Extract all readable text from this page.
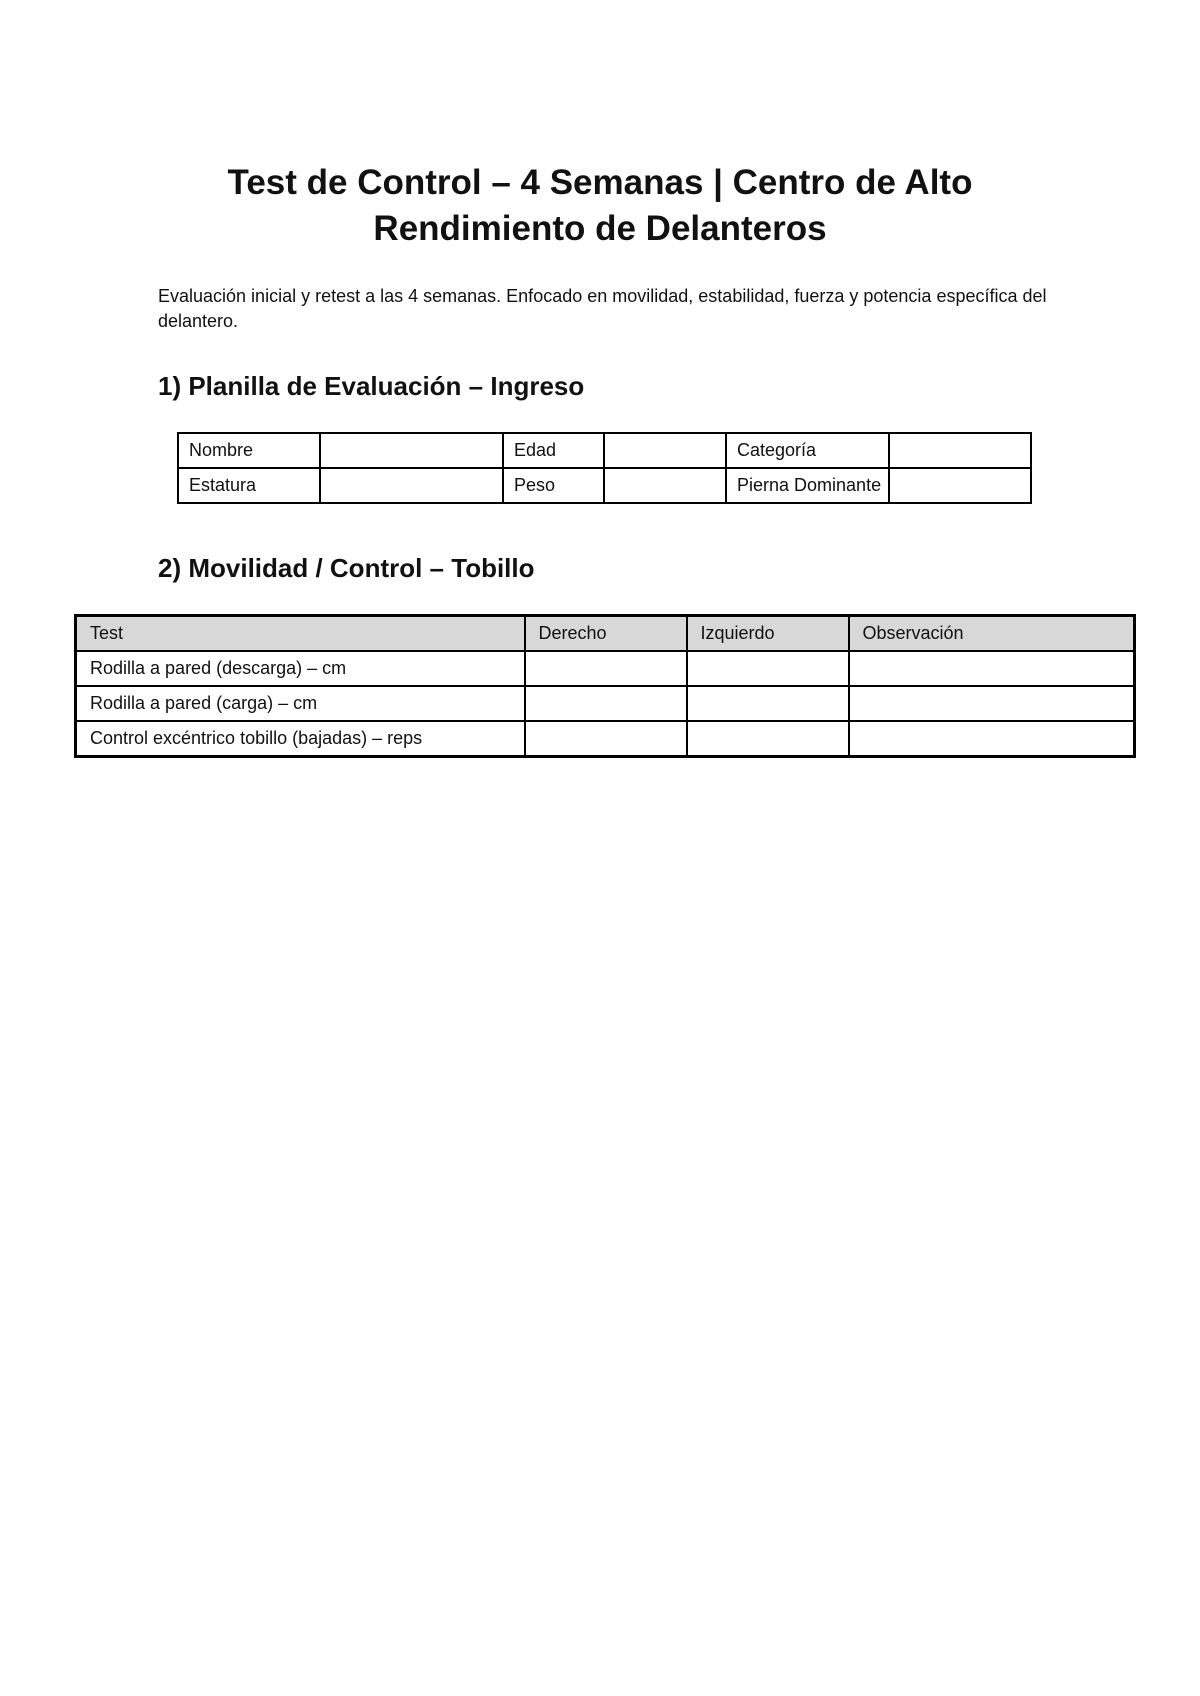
Test de Control – 4 Semanas | Centro de Alto Rendimiento de Delanteros

Evaluación inicial y retest a las 4 semanas. Enfocado en movilidad, estabilidad, fuerza y potencia específica del delantero.

1) Planilla de Evaluación – Ingreso
Nombre		Edad		Categoría	
Estatura		Peso		Pierna Dominante	
2) Movilidad / Control – Tobillo
Test	Derecho	Izquierdo	Observación
Rodilla a pared (descarga) – cm			
Rodilla a pared (carga) – cm			
Control excéntrico tobillo (bajadas) – reps			
